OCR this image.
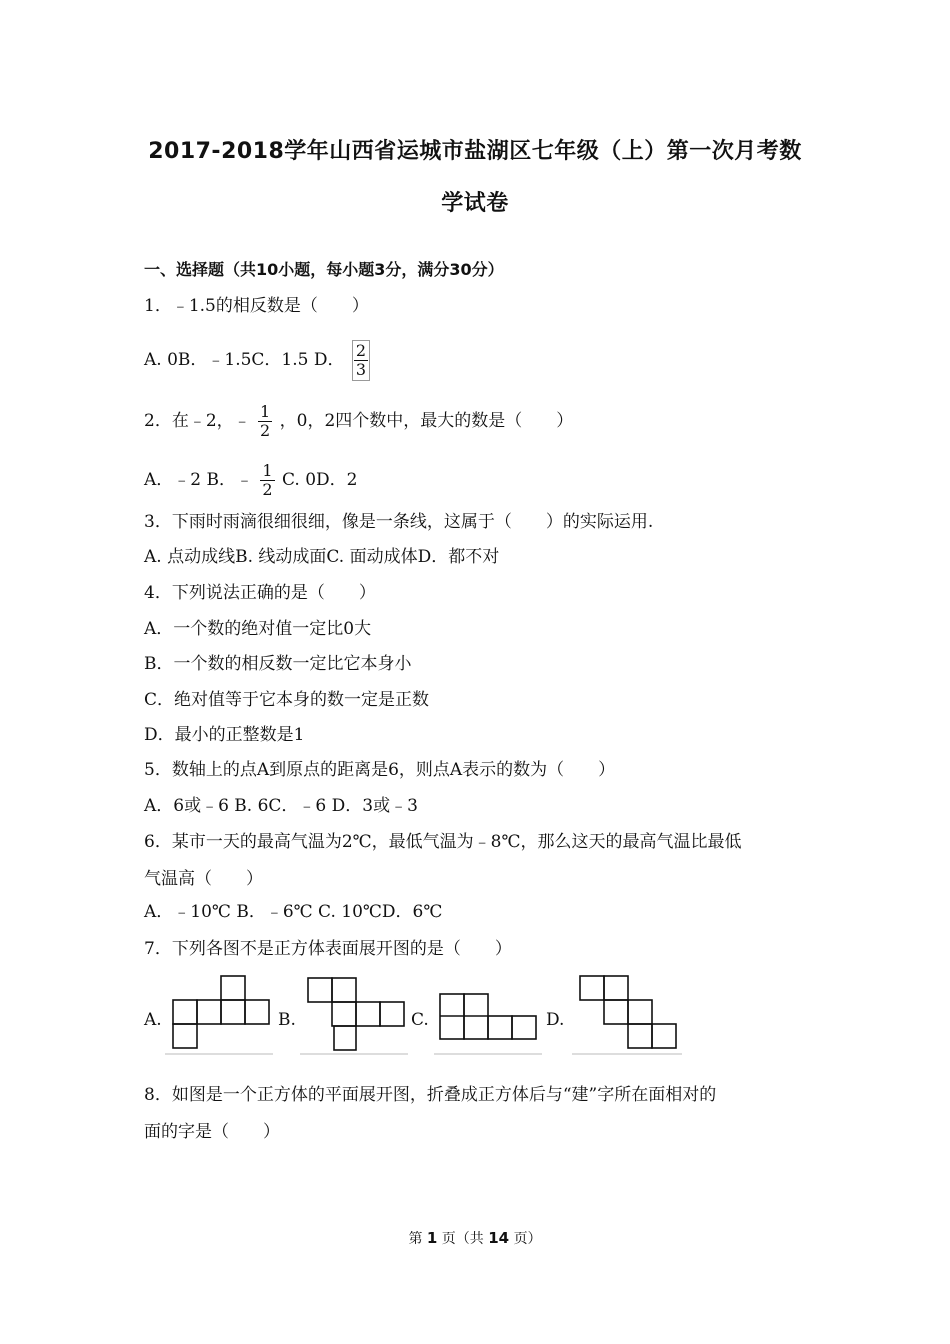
2017-2018学年山西省运城市盐湖区七年级（上）第一次月考数
学试卷
一、选择题（共10小题，每小题3分，满分30分）
1．﹣1.5的相反数是（　　）
A. 0B．﹣1.5C．1.5 D． $\frac{2}{3}$
2．在﹣2，﹣ $\frac{1}{2}$ ，0，2四个数中，最大的数是（　　）
A．﹣2 B．﹣ $\frac{1}{2} C$. 0D．2
3．下雨时雨滴很细很细，像是一条线，这属于（　　）的实际运用.
A. 点动成线B. 线动成面C. 面动成体D．都不对
4．下列说法正确的是（　　）
A．一个数的绝对值一定比0大
B．一个数的相反数一定比它本身小
C．绝对值等于它本身的数一定是正数
D．最小的正整数是1
5．数轴上的点A到原点的距离是6，则点A表示的数为（　　）
A．6或﹣6 B. 6C．﹣6 D．3或﹣3
6．某市一天的最高气温为2℃，最低气温为﹣8℃，那么这天的最高气温比最低
气温高（　　）
A．﹣10℃ B．﹣6℃ C. 10℃D．6℃
7．下列各图不是正方体表面展开图的是（　　）
A.	B.	C.	D.
8．如图是一个正方体的平面展开图，折叠成正方体后与“建”字所在面相对的
面的字是（　　）
第 1 页（共 14 页）
